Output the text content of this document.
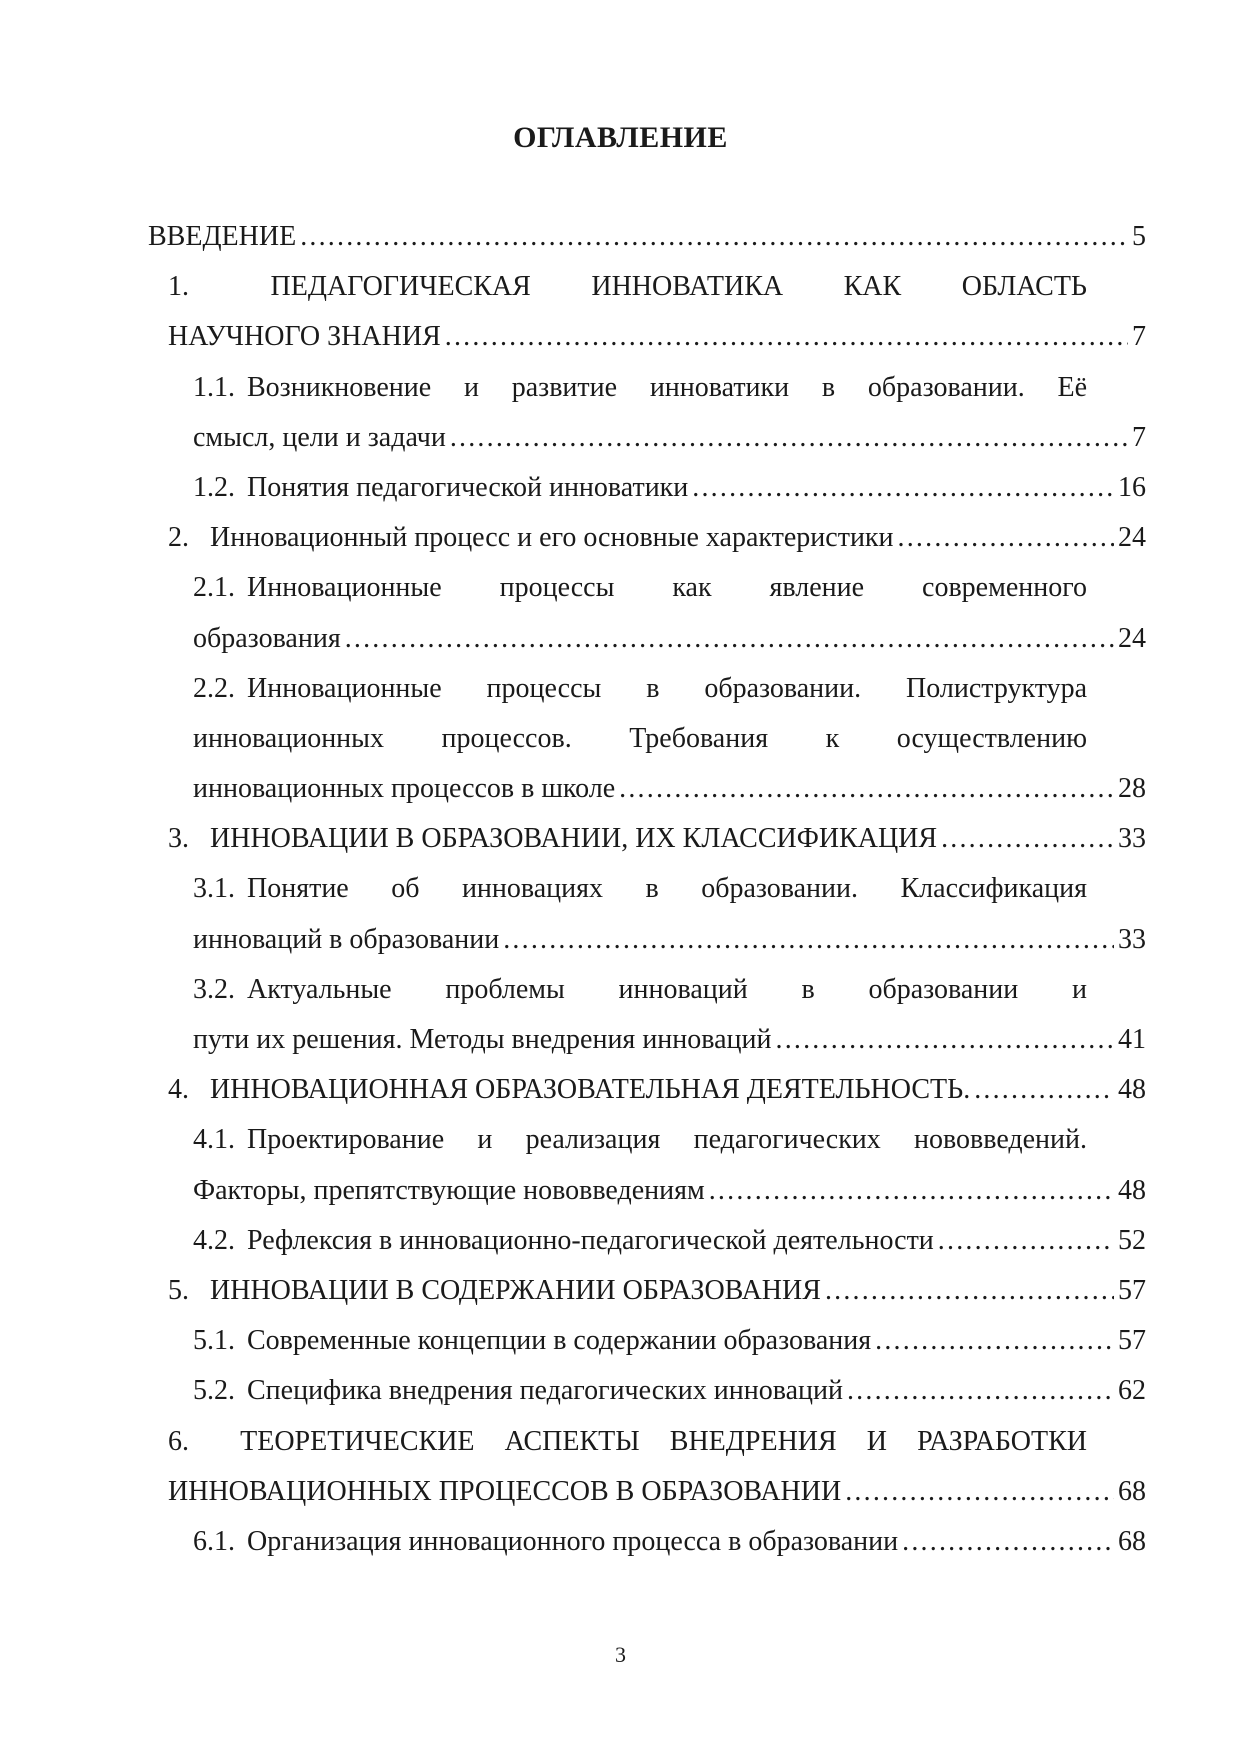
ОГЛАВЛЕНИЕ
ВВЕДЕНИЕ .....	5
1.	ПЕДАГОГИЧЕСКАЯ ИННОВАТИКА КАК ОБЛАСТЬ
НАУЧНОГО ЗНАНИЯ .....	7
1.1. Возникновение и развитие инноватики в образовании. Её
смысл, цели и задачи .....	7
1.2. Понятия педагогической инноватики .....	16
2. Инновационный процесс и его основные характеристики .....	24
2.1. Инновационные процессы как явление современного
образования .....	24
2.2. Инновационные процессы в образовании. Полиструктура
инновационных процессов. Требования к осуществлению
инновационных процессов в школе .....	28
3. ИННОВАЦИИ В ОБРАЗОВАНИИ, ИХ КЛАССИФИКАЦИЯ .....	33
3.1. Понятие об инновациях в образовании. Классификация
инноваций в образовании .....	33
3.2. Актуальные проблемы инноваций в образовании и
пути их решения. Методы внедрения инноваций .....	41
4. ИННОВАЦИОННАЯ ОБРАЗОВАТЕЛЬНАЯ ДЕЯТЕЛЬНОСТЬ. .....	48
4.1. Проектирование и реализация педагогических нововведений.
Факторы, препятствующие нововведениям .....	48
4.2. Рефлексия в инновационно-педагогической деятельности .....	52
5. ИННОВАЦИИ В СОДЕРЖАНИИ ОБРАЗОВАНИЯ .....	57
5.1. Современные концепции в содержании образования .....	57
5.2. Специфика внедрения педагогических инноваций .....	62
6. ТЕОРЕТИЧЕСКИЕ АСПЕКТЫ ВНЕДРЕНИЯ И РАЗРАБОТКИ
ИННОВАЦИОННЫХ ПРОЦЕССОВ В ОБРАЗОВАНИИ .....	68
6.1. Организация инновационного процесса в образовании .....	68
3
